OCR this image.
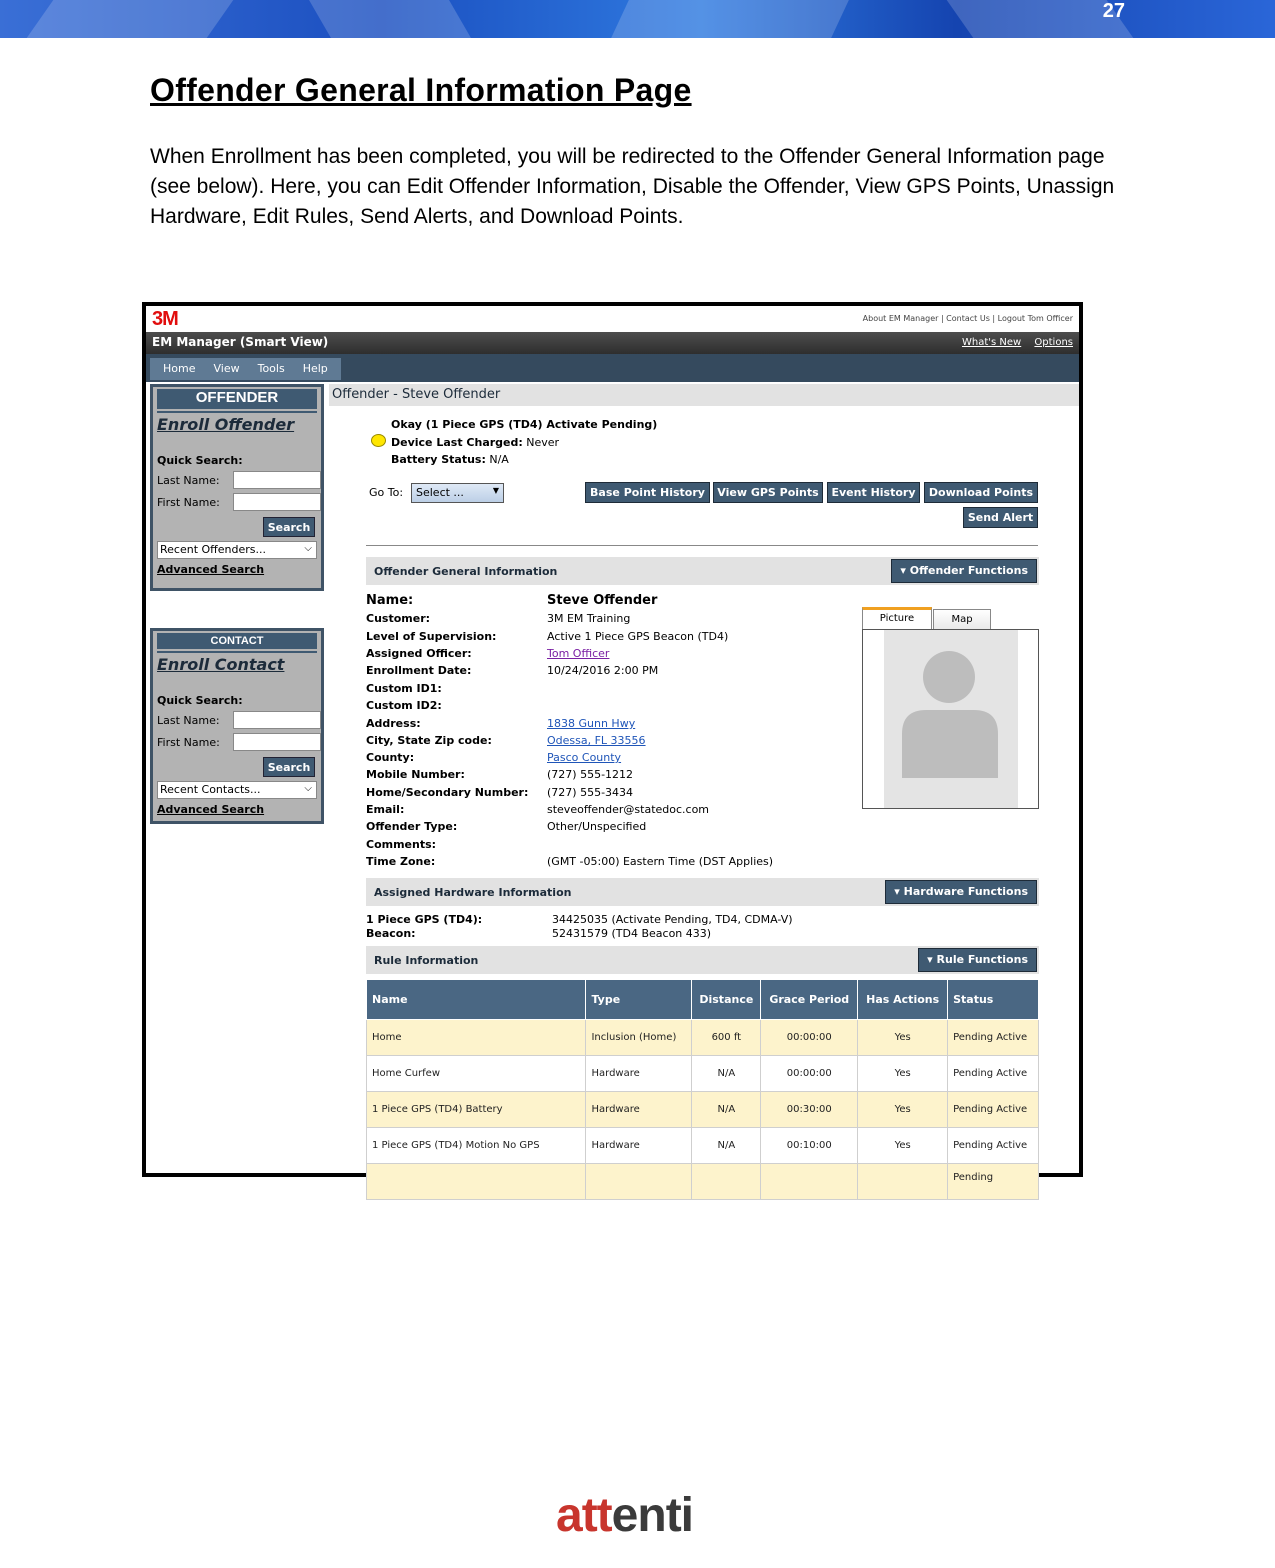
27
Offender General Information Page

When Enrollment has been completed, you will be redirected to the Offender General Information page (see below). Here, you can Edit Offender Information, Disable the Offender, View GPS Points, Unassign Hardware, Edit Rules, Send Alerts, and Download Points.

3M	About EM Manager | Contact Us | Logout Tom Officer
EM Manager (Smart View)	What's New Options
Home	View	Tools	Help
OFFENDER
Enroll Offender
Quick Search:
Last Name:
First Name:
Search
Recent Offenders...	⌵
Advanced Search
CONTACT
Enroll Contact
Quick Search:
Last Name:
First Name:
Search
Recent Contacts...	⌵
Advanced Search
Offender - Steve Offender
Okay (1 Piece GPS (TD4) Activate Pending)
Device Last Charged: Never
Battery Status: N/A
Go To:	Select ...	▼	Base Point History	View GPS Points	Event History	Download Points
Send Alert
Offender General Information	▾ Offender Functions
Name:	Steve Offender
Customer:	3M EM Training
Level of Supervision:	Active 1 Piece GPS Beacon (TD4)
Assigned Officer:	Tom Officer
Enrollment Date:	10/24/2016 2:00 PM
Custom ID1:
Custom ID2:
Address:	1838 Gunn Hwy
City, State Zip code:	Odessa, FL 33556
County:	Pasco County
Mobile Number:	(727) 555-1212
Home/Secondary Number: (727) 555-3434
Email:	steveoffender@statedoc.com
Offender Type:	Other/Unspecified
Comments:
Time Zone:	(GMT -05:00) Eastern Time (DST Applies)
Picture	Map
Assigned Hardware Information	▾ Hardware Functions
1 Piece GPS (TD4):	34425035 (Activate Pending, TD4, CDMA-V)
Beacon:	52431579 (TD4 Beacon 433)
Rule Information	▾ Rule Functions
Name	Type	Distance	Grace Period	Has Actions	Status
Home	Inclusion (Home)	600 ft	00:00:00	Yes	Pending Active
Home Curfew	Hardware	N/A	00:00:00	Yes	Pending Active
1 Piece GPS (TD4) Battery	Hardware	N/A	00:30:00	Yes	Pending Active
1 Piece GPS (TD4) Motion No GPS	Hardware	N/A	00:10:00	Yes	Pending Active
					Pending
attenti
